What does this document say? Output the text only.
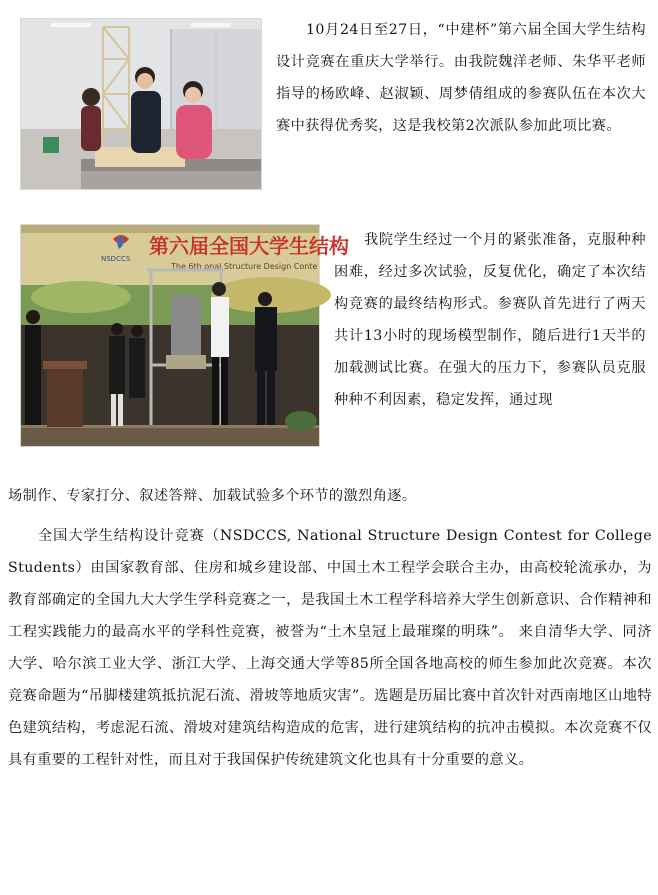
10月24日至27日，“中建杯”第六届全国大学生结构设计竞赛在重庆大学举行。由我院魏洋老师、朱华平老师指导的杨欧峰、赵淑颖、周梦倩组成的参赛队伍在本次大赛中获得优秀奖，这是我校第2次派队参加此项比赛。

NSDCCS
第六届全国大学生结构
The 6th onal Structure Design Conte

我院学生经过一个月的紧张准备，克服种种困难，经过多次试验，反复优化，确定了本次结构竞赛的最终结构形式。参赛队首先进行了两天共计13小时的现场模型制作，随后进行1天半的加载测试比赛。在强大的压力下，参赛队员克服种种不利因素，稳定发挥，通过现

场制作、专家打分、叙述答辩、加载试验多个环节的激烈角逐。

全国大学生结构设计竞赛（NSDCCS, National Structure Design Contest for College Students）由国家教育部、住房和城乡建设部、中国土木工程学会联合主办，由高校轮流承办，为教育部确定的全国九大大学生学科竞赛之一，是我国土木工程学科培养大学生创新意识、合作精神和工程实践能力的最高水平的学科性竞赛，被誉为“土木皇冠上最璀璨的明珠”。 来自清华大学、同济大学、哈尔滨工业大学、浙江大学、上海交通大学等85所全国各地高校的师生参加此次竞赛。本次竞赛命题为“吊脚楼建筑抵抗泥石流、滑坡等地质灾害”。选题是历届比赛中首次针对西南地区山地特色建筑结构，考虑泥石流、滑坡对建筑结构造成的危害，进行建筑结构的抗冲击模拟。本次竞赛不仅具有重要的工程针对性，而且对于我国保护传统建筑文化也具有十分重要的意义。
